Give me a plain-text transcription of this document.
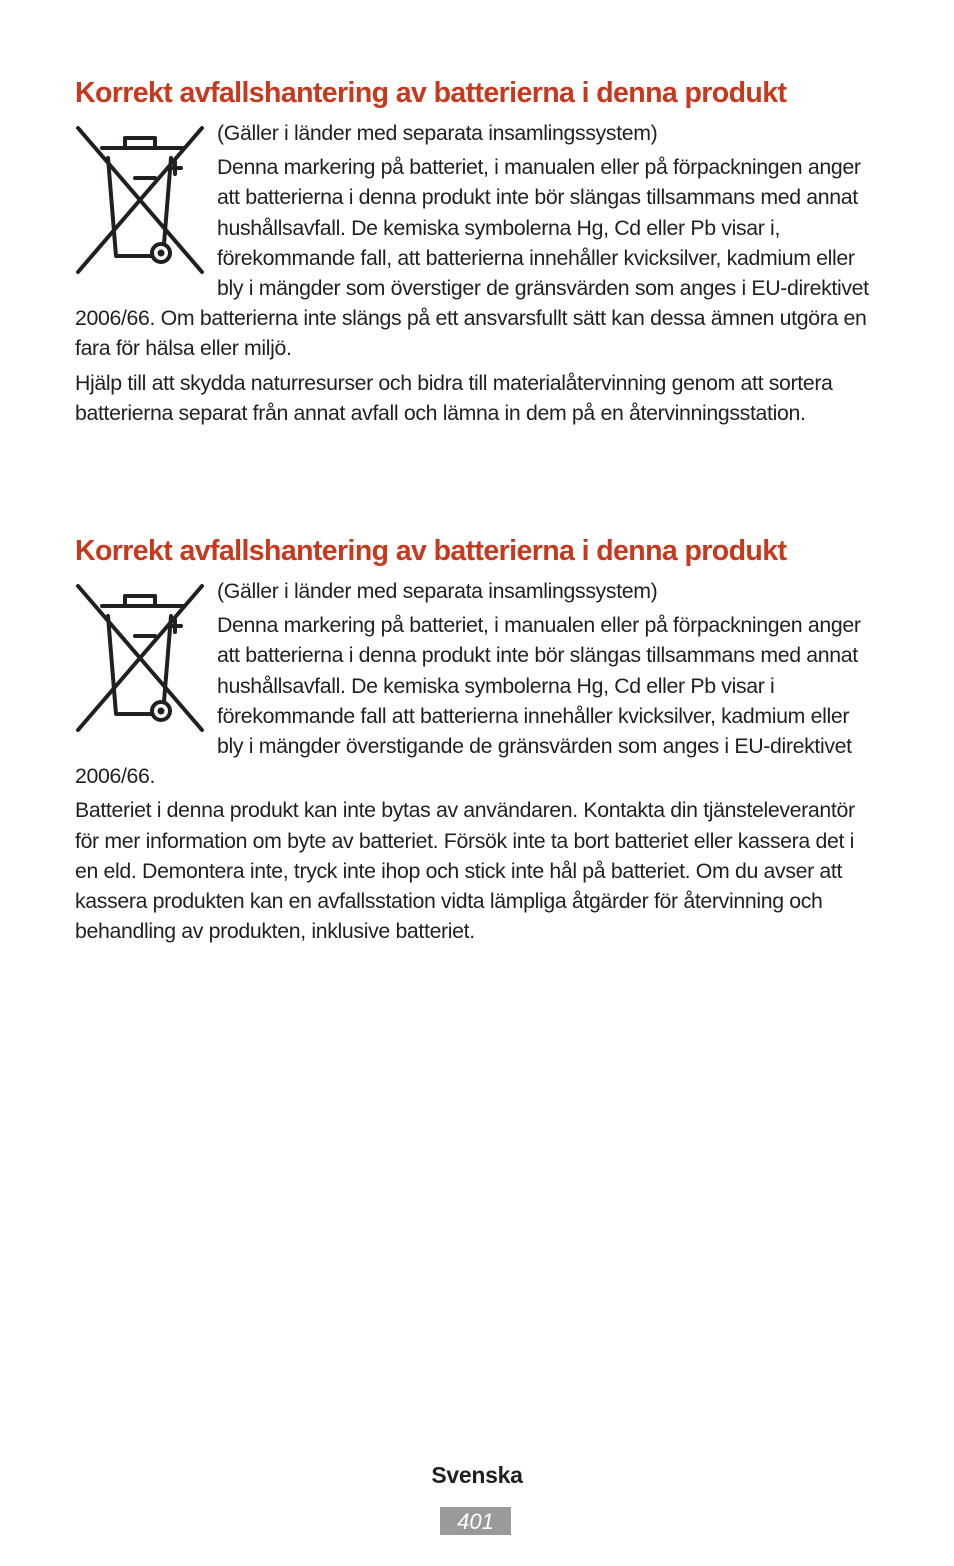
Korrekt avfallshantering av batterierna i denna produkt

(Gäller i länder med separata insamlingssystem)

Denna markering på batteriet, i manualen eller på förpackningen anger att batterierna i denna produkt inte bör slängas tillsammans med annat hushållsavfall. De kemiska symbolerna Hg, Cd eller Pb visar i, förekommande fall, att batterierna innehåller kvicksilver, kadmium eller bly i mängder som överstiger de gränsvärden som anges i EU-direktivet 2006/66. Om batterierna inte slängs på ett ansvarsfullt sätt kan dessa ämnen utgöra en fara för hälsa eller miljö.

Hjälp till att skydda naturresurser och bidra till materialåtervinning genom att sortera batterierna separat från annat avfall och lämna in dem på en återvinningsstation.

Korrekt avfallshantering av batterierna i denna produkt

(Gäller i länder med separata insamlingssystem)

Denna markering på batteriet, i manualen eller på förpackningen anger att batterierna i denna produkt inte bör slängas tillsammans med annat hushållsavfall. De kemiska symbolerna Hg, Cd eller Pb visar i förekommande fall att batterierna innehåller kvicksilver, kadmium eller bly i mängder överstigande de gränsvärden som anges i EU-direktivet 2006/66.

Batteriet i denna produkt kan inte bytas av användaren. Kontakta din tjänsteleverantör för mer information om byte av batteriet. Försök inte ta bort batteriet eller kassera det i en eld. Demontera inte, tryck inte ihop och stick inte hål på batteriet. Om du avser att kassera produkten kan en avfallsstation vidta lämpliga åtgärder för återvinning och behandling av produkten, inklusive batteriet.

Svenska
401
